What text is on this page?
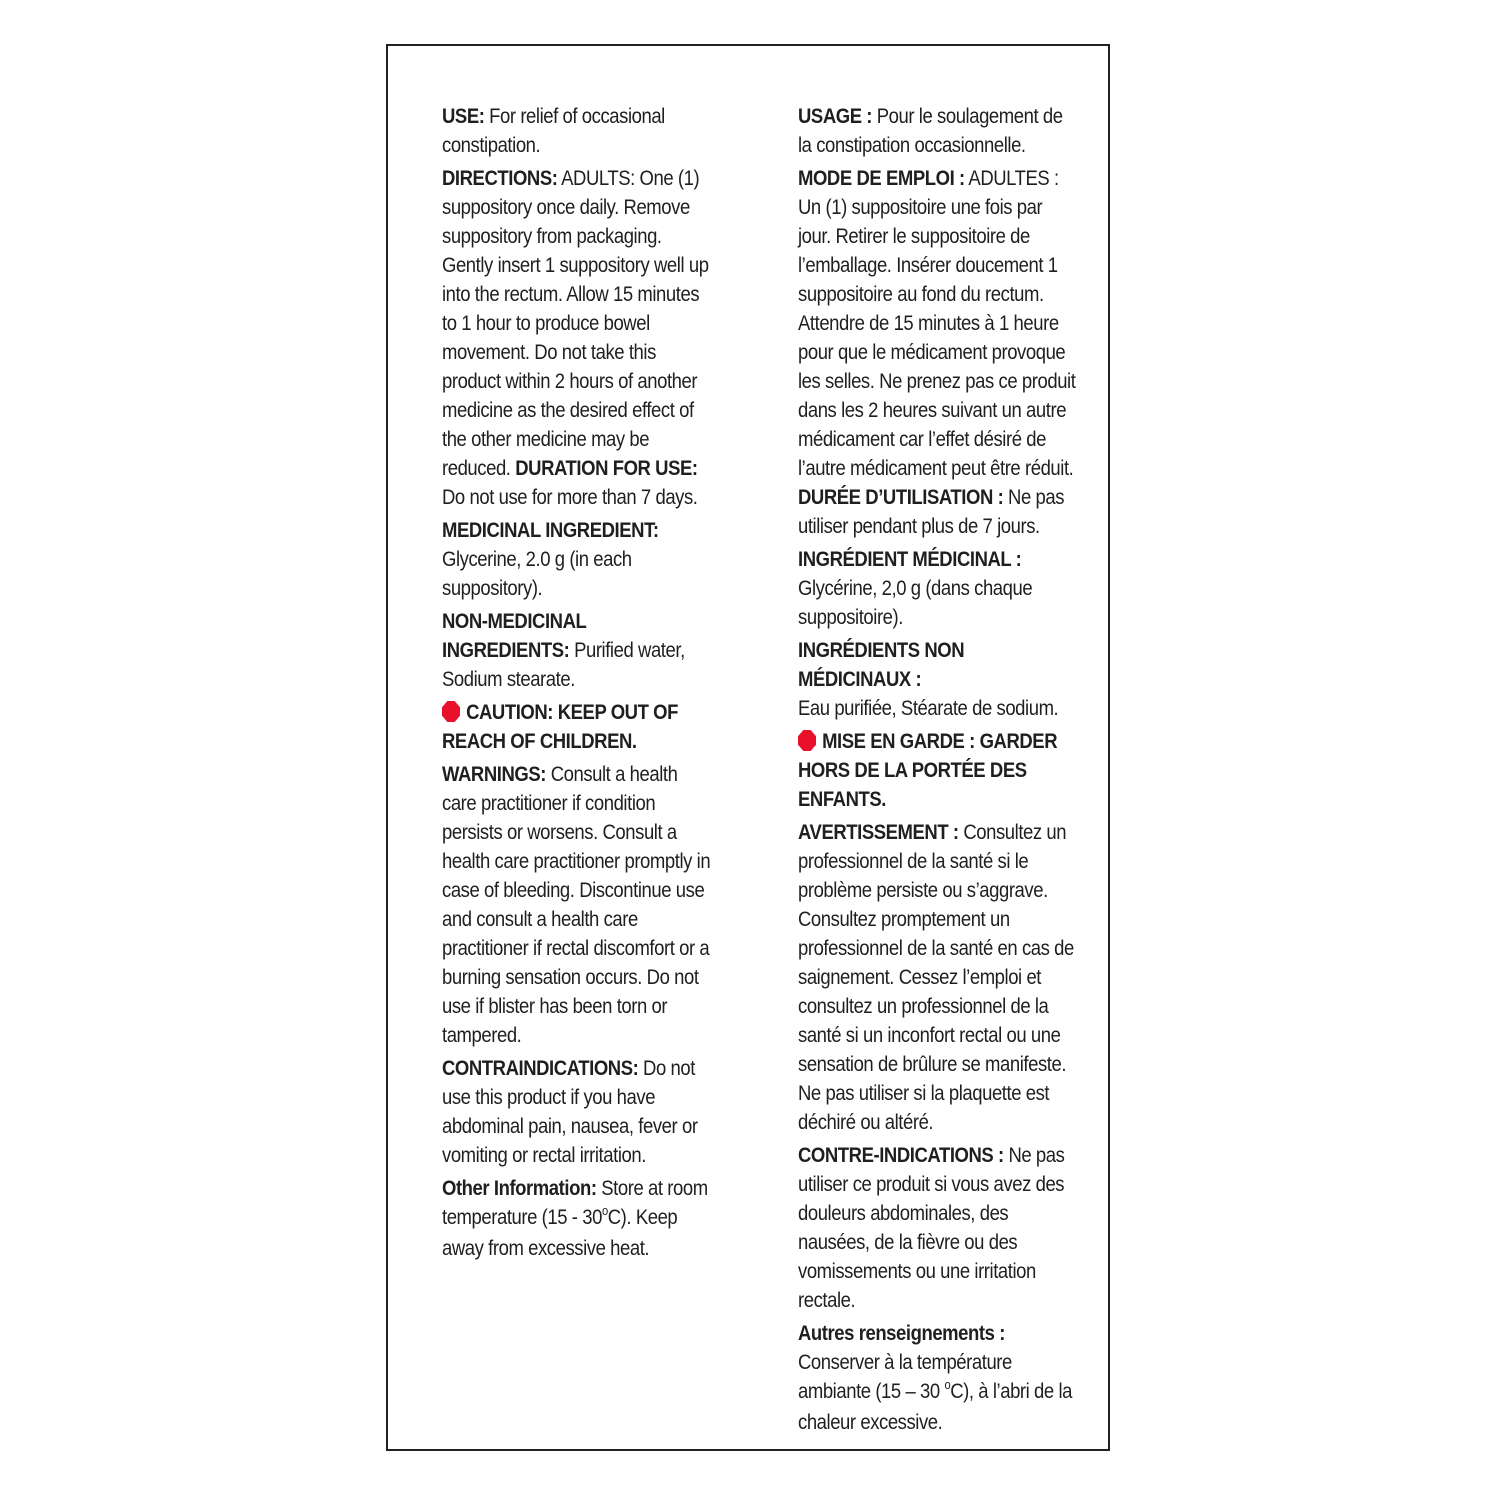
USE: For relief of occasional constipation.

DIRECTIONS: ADULTS: One (1) suppository once daily. Remove suppository from packaging. Gently insert 1 suppository well up into the rectum. Allow 15 minutes to 1 hour to produce bowel movement. Do not take this product within 2 hours of another medicine as the desired effect of the other medicine may be reduced. DURATION FOR USE: Do not use for more than 7 days.

MEDICINAL INGREDIENT:
Glycerine, 2.0 g (in each suppository).

NON-MEDICINAL INGREDIENTS: Purified water, Sodium stearate.

CAUTION: KEEP OUT OF REACH OF CHILDREN.

WARNINGS: Consult a health care practitioner if condition persists or worsens. Consult a health care practitioner promptly in case of bleeding. Discontinue use and consult a health care practitioner if rectal discomfort or a burning sensation occurs. Do not use if blister has been torn or tampered.

CONTRAINDICATIONS: Do not use this product if you have abdominal pain, nausea, fever or vomiting or rectal irritation.

Other Information: Store at room temperature (15 - 30$^o$C). Keep away from excessive heat.

USAGE : Pour le soulagement de la constipation occasionnelle.

MODE DE EMPLOI : ADULTES : Un (1) suppositoire une fois par jour. Retirer le suppositoire de l’emballage. Insérer doucement 1 suppositoire au fond du rectum. Attendre de 15 minutes à 1 heure pour que le médicament provoque les selles. Ne prenez pas ce produit dans les 2 heures suivant un autre médicament car l’effet désiré de l’autre médicament peut être réduit. DURÉE D’UTILISATION : Ne pas utiliser pendant plus de 7 jours.

INGRÉDIENT MÉDICINAL :
Glycérine, 2,0 g (dans chaque suppositoire).

INGRÉDIENTS NON MÉDICINAUX :
Eau purifiée, Stéarate de sodium.

MISE EN GARDE : GARDER HORS DE LA PORTÉE DES ENFANTS.

AVERTISSEMENT : Consultez un professionnel de la santé si le problème persiste ou s’aggrave. Consultez promptement un professionnel de la santé en cas de saignement. Cessez l’emploi et consultez un professionnel de la santé si un inconfort rectal ou une sensation de brûlure se manifeste. Ne pas utiliser si la plaquette est déchiré ou altéré.

CONTRE-INDICATIONS : Ne pas utiliser ce produit si vous avez des douleurs abdominales, des nausées, de la fièvre ou des vomissements ou une irritation rectale.

Autres renseignements :
Conserver à la température ambiante (15 – 30 $^o$C), à l’abri de la chaleur excessive.
